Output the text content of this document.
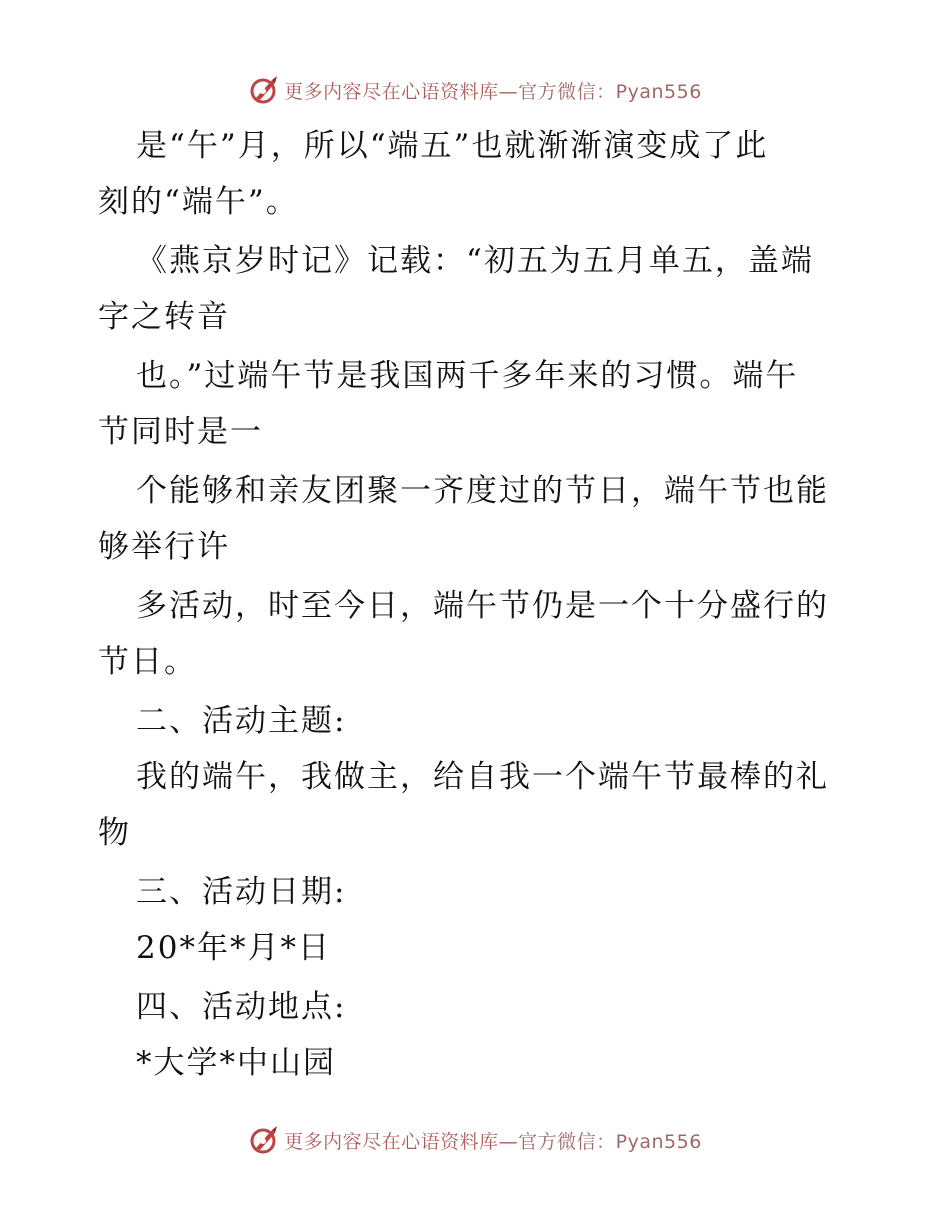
更多内容尽在心语资料库—官方微信：Pyan556
是“午”月，所以“端五”也就渐渐演变成了此
刻的“端午”。
《燕京岁时记》记载：“初五为五月单五，盖端
字之转音
也。”过端午节是我国两千多年来的习惯。端午
节同时是一
个能够和亲友团聚一齐度过的节日，端午节也能
够举行许
多活动，时至今日，端午节仍是一个十分盛行的
节日。
二、活动主题:
我的端午，我做主，给自我一个端午节最棒的礼
物
三、活动日期:
20*年*月*日
四、活动地点:
*大学*中山园
更多内容尽在心语资料库—官方微信：Pyan556
